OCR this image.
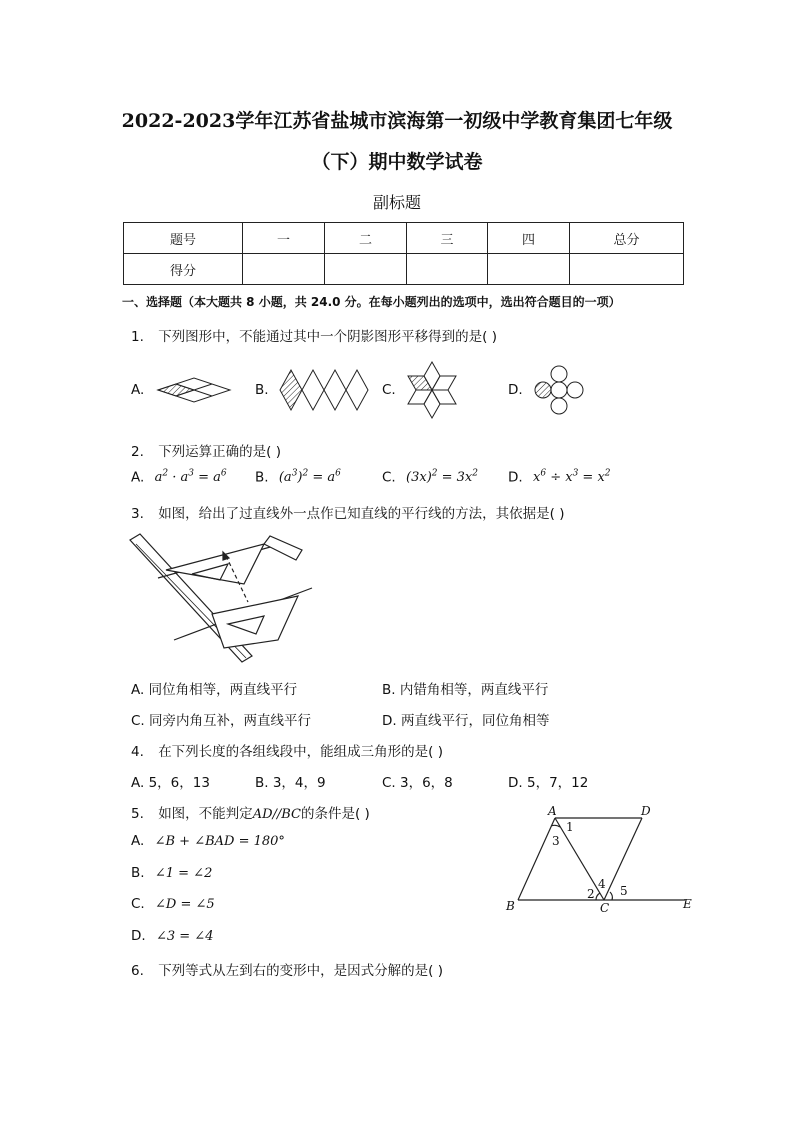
2022-2023学年江苏省盐城市滨海第一初级中学教育集团七年级
（下）期中数学试卷
副标题
题号	一	二	三	四	总分
得分					
一、选择题（本大题共 8 小题，共 24.0 分。在每小题列出的选项中，选出符合题目的一项）
1. 下列图形中，不能通过其中一个阴影图形平移得到的是( )
A.	B.	C.	D.
2. 下列运算正确的是( )
A. $a^2 \cdot a^3 = a^6$ B. $(a^3)^2 = a^6$	C. $(3x)^2 = 3x^2$ D. $x^6 \div x^3 = x^2$
3. 如图，给出了过直线外一点作已知直线的平行线的方法，其依据是( )
A. 同位角相等，两直线平行	B. 内错角相等，两直线平行
C. 同旁内角互补，两直线平行	D. 两直线平行，同位角相等
4. 在下列长度的各组线段中，能组成三角形的是( )
A. 5，6，13	B. 3，4，9	C. 3，6，8	D. 5，7，12
5. 如图，不能判定AD//BC的条件是( )
A. ∠B + ∠BAD = 180°
B. ∠1 = ∠2
C. ∠D = ∠5
D. ∠3 = ∠4
A	D
B	C	E
1
3
2
4 5
6. 下列等式从左到右的变形中，是因式分解的是( )
